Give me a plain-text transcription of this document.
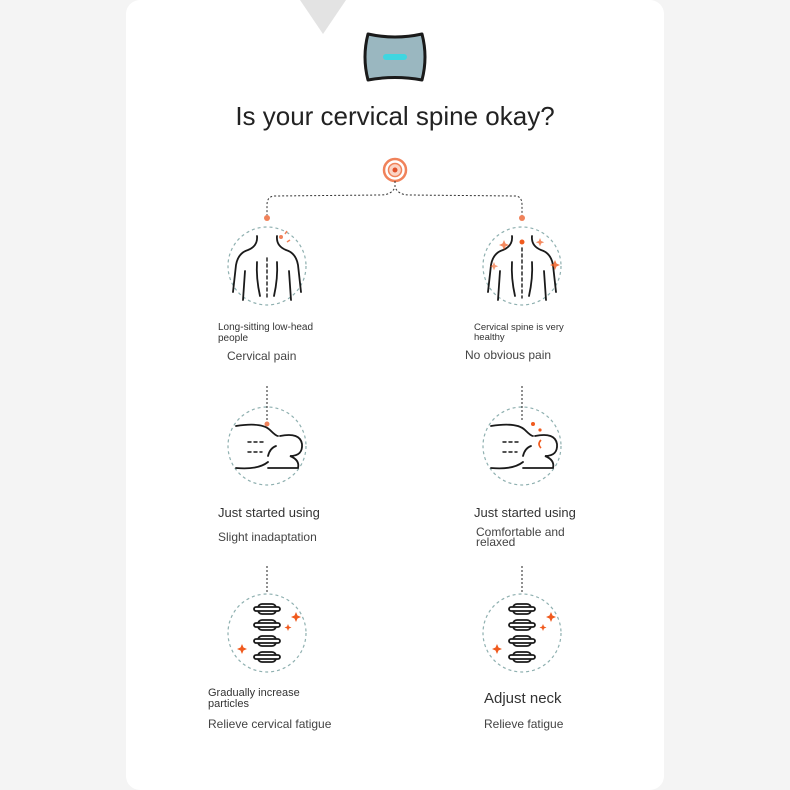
Is your cervical spine okay?
Long-sitting low-head
people
Cervical pain
Just started using
Slight inadaptation
Gradually increase
particles
Relieve cervical fatigue
Cervical spine is very
healthy
No obvious pain
Just started using
Comfortable and
relaxed
Adjust neck
Relieve fatigue
